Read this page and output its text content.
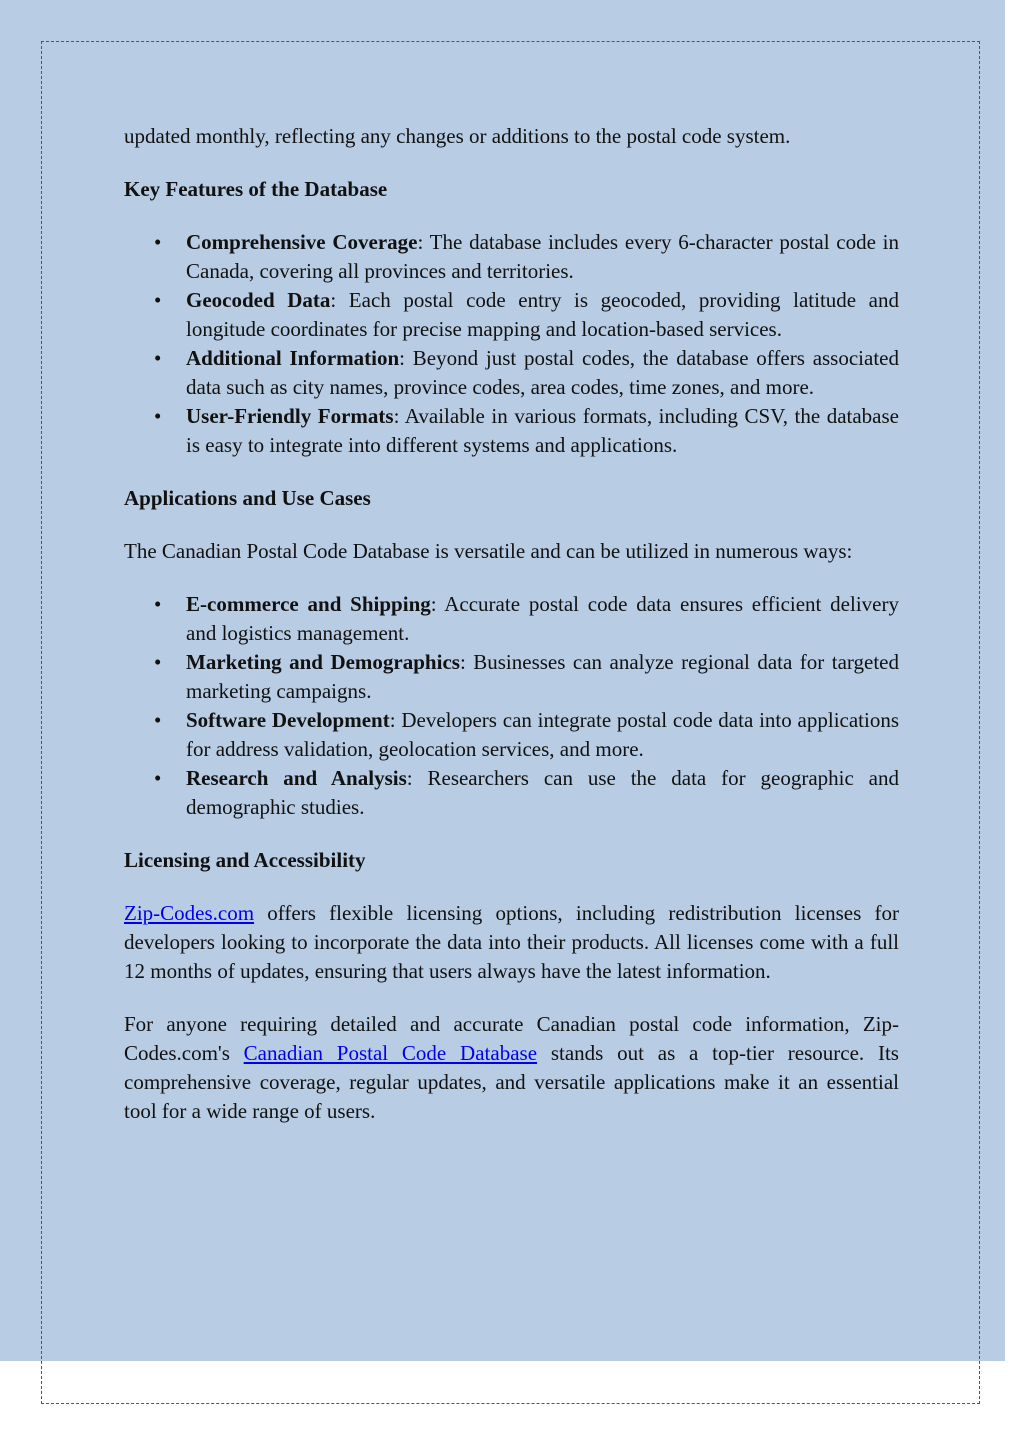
updated monthly, reflecting any changes or additions to the postal code system.

Key Features of the Database

• Comprehensive Coverage: The database includes every 6-character postal code in Canada, covering all provinces and territories.
• Geocoded Data: Each postal code entry is geocoded, providing latitude and longitude coordinates for precise mapping and location-based services.
• Additional Information: Beyond just postal codes, the database offers associated data such as city names, province codes, area codes, time zones, and more.
• User-Friendly Formats: Available in various formats, including CSV, the database is easy to integrate into different systems and applications.

Applications and Use Cases

The Canadian Postal Code Database is versatile and can be utilized in numerous ways:

• E-commerce and Shipping: Accurate postal code data ensures efficient delivery and logistics management.
• Marketing and Demographics: Businesses can analyze regional data for targeted marketing campaigns.
• Software Development: Developers can integrate postal code data into applications for address validation, geolocation services, and more.
• Research and Analysis: Researchers can use the data for geographic and demographic studies.

Licensing and Accessibility

Zip-Codes.com offers flexible licensing options, including redistribution licenses for developers looking to incorporate the data into their products. All licenses come with a full 12 months of updates, ensuring that users always have the latest information.

For anyone requiring detailed and accurate Canadian postal code information, Zip-Codes.com's Canadian Postal Code Database stands out as a top-tier resource. Its comprehensive coverage, regular updates, and versatile applications make it an essential tool for a wide range of users.
